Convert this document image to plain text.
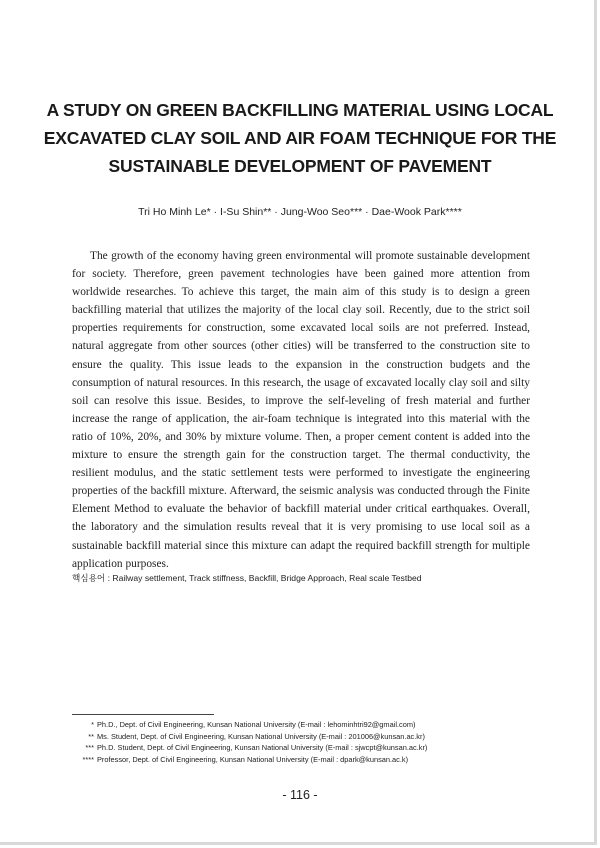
A STUDY ON GREEN BACKFILLING MATERIAL USING LOCAL
EXCAVATED CLAY SOIL AND AIR FOAM TECHNIQUE FOR THE
SUSTAINABLE DEVELOPMENT OF PAVEMENT
Tri Ho Minh Le* · I-Su Shin** · Jung-Woo Seo*** · Dae-Wook Park****

The growth of the economy having green environmental will promote sustainable development for society. Therefore, green pavement technologies have been gained more attention from worldwide researches. To achieve this target, the main aim of this study is to design a green backfilling material that utilizes the majority of the local clay soil. Recently, due to the strict soil properties requirements for construction, some excavated local soils are not preferred. Instead, natural aggregate from other sources (other cities) will be transferred to the construction site to ensure the quality. This issue leads to the expansion in the construction budgets and the consumption of natural resources. In this research, the usage of excavated locally clay soil and silty soil can resolve this issue. Besides, to improve the self-leveling of fresh material and further increase the range of application, the air-foam technique is integrated into this material with the ratio of 10%, 20%, and 30% by mixture volume. Then, a proper cement content is added into the mixture to ensure the strength gain for the construction target. The thermal conductivity, the resilient modulus, and the static settlement tests were performed to investigate the engineering properties of the backfill mixture. Afterward, the seismic analysis was conducted through the Finite Element Method to evaluate the behavior of backfill material under critical earthquakes. Overall, the laboratory and the simulation results reveal that it is very promising to use local soil as a sustainable backfill material since this mixture can adapt the required backfill strength for multiple application purposes.

핵심용어 : Railway settlement, Track stiffness, Backfill, Bridge Approach, Real scale Testbed
* Ph.D., Dept. of Civil Engineering, Kunsan National University (E-mail : lehominhtri92@gmail.com)
** Ms. Student, Dept. of Civil Engineering, Kunsan National University (E-mail : 201006@kunsan.ac.kr)
*** Ph.D. Student, Dept. of Civil Engineering, Kunsan National University (E-mail : sjwcpt@kunsan.ac.kr)
**** Professor, Dept. of Civil Engineering, Kunsan National University (E-mail : dpark@kunsan.ac.k)
- 116 -
